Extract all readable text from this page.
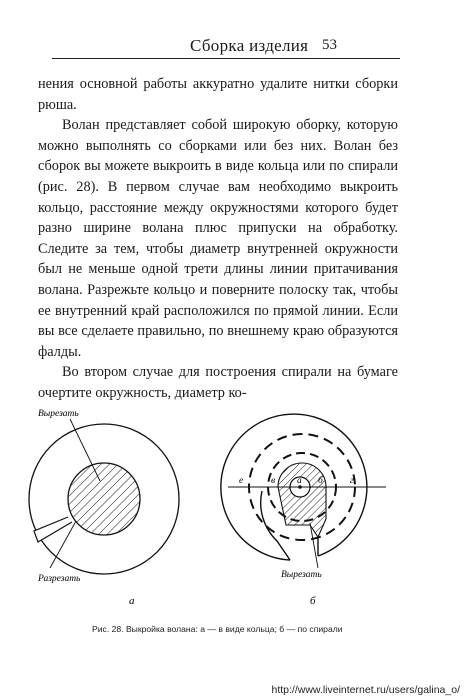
Сборка изделия 53

нения основной работы аккуратно удалите нитки сборки рюша.

Волан представляет собой широкую оборку, которую можно выполнять со сборками или без них. Волан без сборок вы можете выкроить в виде кольца или по спирали (рис. 28). В первом случае вам необходимо выкроить кольцо, расстояние между окружностями которого будет разно ширине волана плюс припуски на обработку. Следите за тем, чтобы диаметр внутренней окружности был не меньше одной трети длины линии притачивания волана. Разрежьте кольцо и поверните полоску так, чтобы ее внутренний край расположился по прямой линии. Если вы все сделаете правильно, по внешнему краю образуются фалды.

Во втором случае для построения спирали на бумаге очертите окружность, диаметр ко-

Вырезать
Разрезать
а
е	в а б	г
Вырезать
б
Рис. 28. Выкройка волана: а — в виде кольца; б — по спирали
http://www.liveinternet.ru/users/galina_o/
